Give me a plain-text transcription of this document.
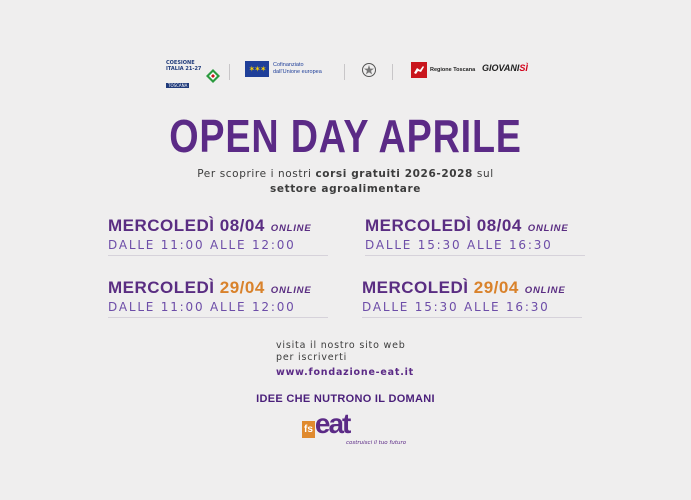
COESIONE
ITALIA 21-27
TOSCANA
✶✶✶ Cofinanziato
dall'Unione europea	Regione Toscana GIOVANI SÌ
OPEN DAY APRILE
Per scoprire i nostri corsi gratuiti 2026-2028 sul
settore agroalimentare
MERCOLEDÌ 08/04 ONLINE
DALLE 11:00 ALLE 12:00
MERCOLEDÌ 08/04 ONLINE
DALLE 15:30 ALLE 16:30
MERCOLEDÌ 29/04 ONLINE
DALLE 11:00 ALLE 12:00
MERCOLEDÌ 29/04 ONLINE
DALLE 15:30 ALLE 16:30
visita il nostro sito web
per iscriverti
www.fondazione-eat.it
IDEE CHE NUTRONO IL DOMANI
fseat
costruisci il tuo futuro
